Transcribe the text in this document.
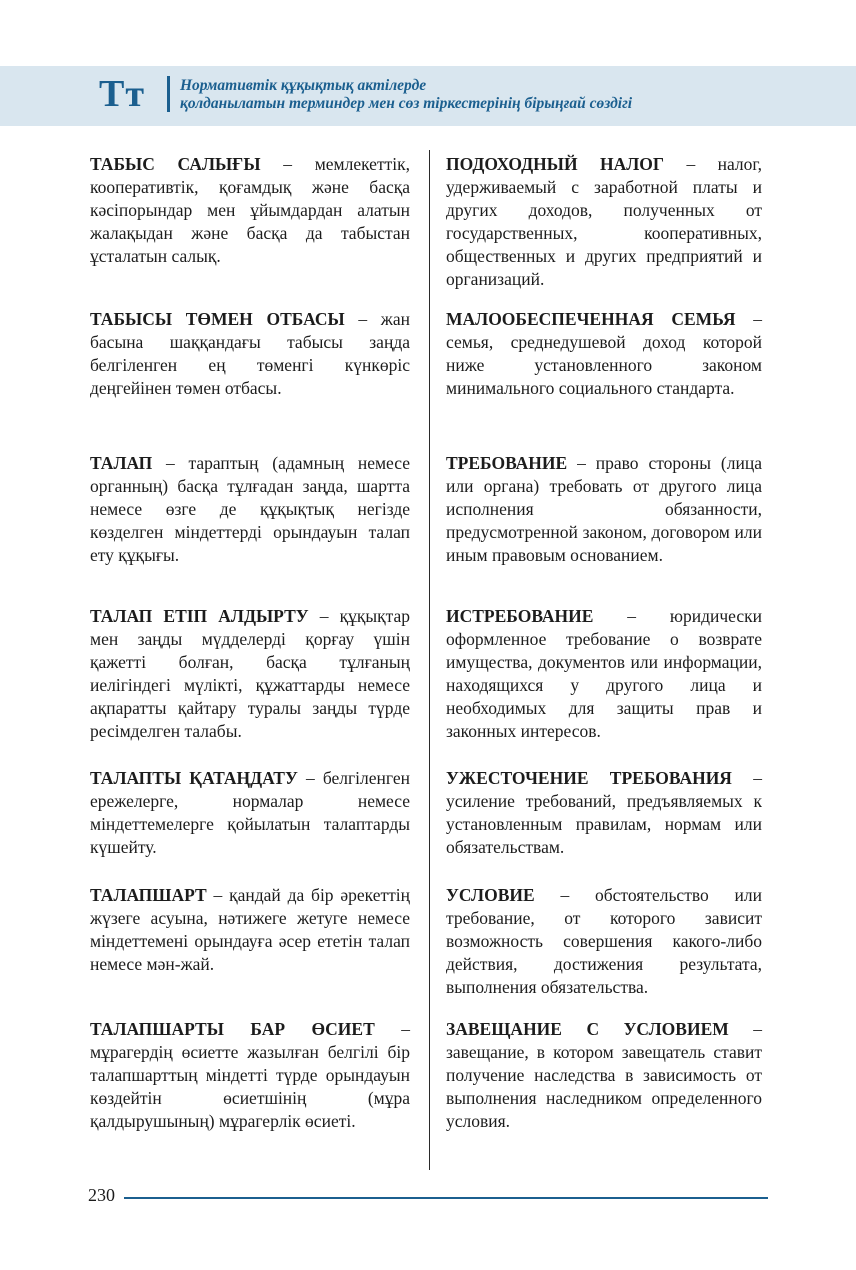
Тт Нормативтік құқықтық актілерде
қолданылатын терминдер мен сөз тіркестерінің бірыңғай сөздігі
ТАБЫС САЛЫҒЫ – мемлекеттік, кооперативтік, қоғамдық және басқа кәсіпорындар мен ұйымдардан алатын жалақыдан және басқа да табыстан ұсталатын салық.
ПОДОХОДНЫЙ НАЛОГ – налог, удерживаемый с заработной платы и других доходов, полученных от государственных, кооперативных, общественных и других предприятий и организаций.
ТАБЫСЫ ТӨМЕН ОТБАСЫ – жан басына шаққандағы табысы заңда белгіленген ең төменгі күнкөріс деңгейінен төмен отбасы.
МАЛООБЕСПЕЧЕННАЯ СЕМЬЯ – семья, среднедушевой доход которой ниже установленного законом минимального социального стандарта.
ТАЛАП – тараптың (адамның немесе органның) басқа тұлғадан заңда, шартта немесе өзге де құқықтық негізде көзделген міндеттерді орындауын талап ету құқығы.
ТРЕБОВАНИЕ – право стороны (лица или органа) требовать от другого лица исполнения обязанности, предусмотренной законом, договором или иным правовым основанием.
ТАЛАП ЕТІП АЛДЫРТУ – құқықтар мен заңды мүдделерді қорғау үшін қажетті болған, басқа тұлғаның иелігіндегі мүлікті, құжаттарды немесе ақпаратты қайтару туралы заңды түрде ресімделген талабы.
ИСТРЕБОВАНИЕ – юридически оформленное требование о возврате имущества, документов или информации, находящихся у другого лица и необходимых для защиты прав и законных интересов.
ТАЛАПТЫ ҚАТАҢДАТУ – белгіленген ережелерге, нормалар немесе міндеттемелерге қойылатын талаптарды күшейту.
УЖЕСТОЧЕНИЕ ТРЕБОВАНИЯ – усиление требований, предъявляемых к установленным правилам, нормам или обязательствам.
ТАЛАПШАРТ – қандай да бір әрекеттің жүзеге асуына, нәтижеге жетуге немесе міндеттемені орындауға әсер ететін талап немесе мән-жай.
УСЛОВИЕ – обстоятельство или требование, от которого зависит возможность совершения какого-либо действия, достижения результата, выполнения обязательства.
ТАЛАПШАРТЫ БАР ӨСИЕТ – мұрагердің өсиетте жазылған белгілі бір талапшарттың міндетті түрде орындауын көздейтін өсиетшінің (мұра қалдырушының) мұрагерлік өсиеті.
ЗАВЕЩАНИЕ С УСЛОВИЕМ – завещание, в котором завещатель ставит получение наследства в зависимость от выполнения наследником определенного условия.
230
